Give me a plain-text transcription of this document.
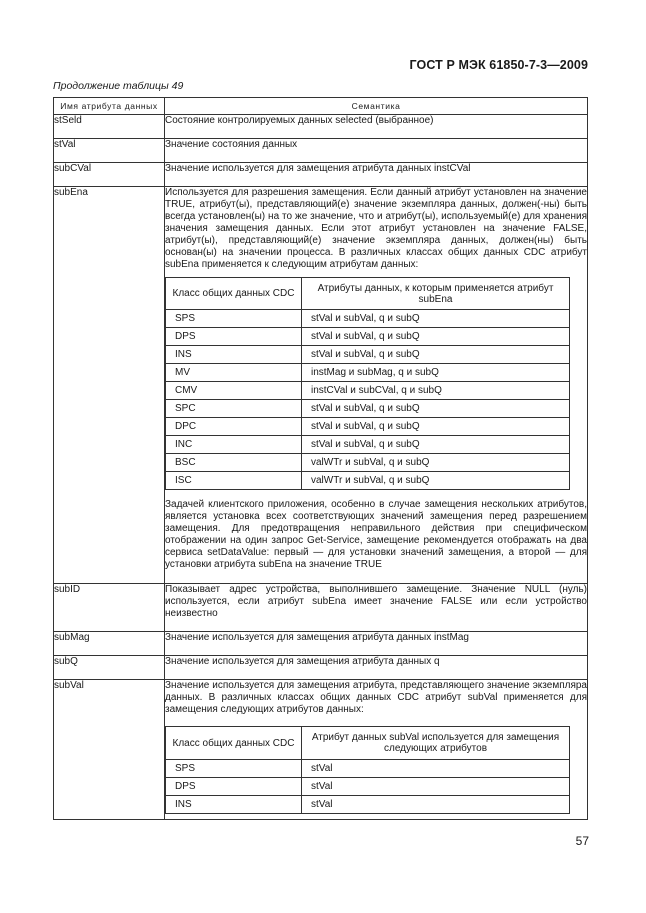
ГОСТ Р МЭК 61850-7-3—2009
Продолжение таблицы 49
Имя атрибута данных	Семантика
stSeld	Состояние контролируемых данных selected (выбранное)
stVal	Значение состояния данных
subCVal	Значение используется для замещения атрибута данных instCVal
subEna	Используется для разрешения замещения. Если данный атрибут установлен на значение TRUE, атрибут(ы), представляющий(е) значение экземпляра данных, должен(-ны) быть всегда установлен(ы) на то же значение, что и атрибут(ы), используемый(е) для хранения значения замещения данных. Если этот атрибут установлен на значение FALSE, атрибут(ы), представляющий(е) значение экземпляра данных, должен(ны) быть основан(ы) на значении процесса. В различных классах общих данных CDC атрибут subEna применяется к следующим атрибутам данных:

Класс общих данных CDC	Атрибуты данных, к которым применяется атрибут subEna
SPS	stVal и subVal, q и subQ
DPS	stVal и subVal, q и subQ
INS	stVal и subVal, q и subQ
MV	instMag и subMag, q и subQ
CMV	instCVal и subCVal, q и subQ
SPC	stVal и subVal, q и subQ
DPC	stVal и subVal, q и subQ
INC	stVal и subVal, q и subQ
BSC	valWTr и subVal, q и subQ
ISC	valWTr и subVal, q и subQ

Задачей клиентского приложения, особенно в случае замещения нескольких атрибутов, является установка всех соответствующих значений замещения перед разрешением замещения. Для предотвращения неправильного действия при специфическом отображении на один запрос Get-Service, замещение рекомендуется отображать на два сервиса setDataValue: первый — для установки значений замещения, а второй — для установки атрибута subEna на значение TRUE

subID	Показывает адрес устройства, выполнившего замещение. Значение NULL (нуль) используется, если атрибут subEna имеет значение FALSE или если устройство неизвестно
subMag	Значение используется для замещения атрибута данных instMag
subQ	Значение используется для замещения атрибута данных q
subVal	Значение используется для замещения атрибута, представляющего значение экземпляра данных. В различных классах общих данных CDC атрибут subVal применяется для замещения следующих атрибутов данных:

Класс общих данных CDC	Атрибут данных subVal используется для замещения следующих атрибутов
SPS	stVal
DPS	stVal
INS	stVal
57
